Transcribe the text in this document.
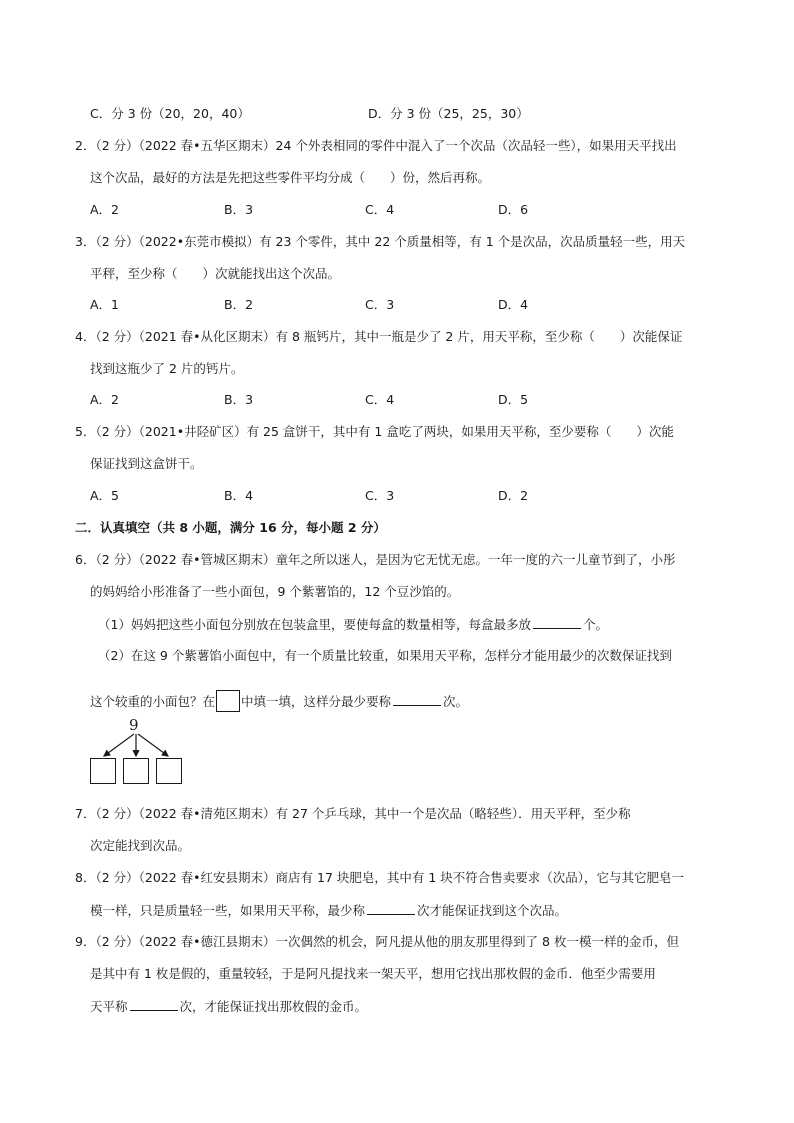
C．分 3 份（20，20，40）	D．分 3 份（25，25，30）
2．（2 分）（2022 春•五华区期末）24 个外表相同的零件中混入了一个次品（次品轻一些），如果用天平找出
这个次品，最好的方法是先把这些零件平均分成（　　）份，然后再称。
A．2	B．3	C．4	D．6
3．（2 分）（2022•东莞市模拟）有 23 个零件，其中 22 个质量相等，有 1 个是次品，次品质量轻一些，用天
平秤，至少称（　　）次就能找出这个次品。
A．1	B．2	C．3	D．4
4．（2 分）（2021 春•从化区期末）有 8 瓶钙片，其中一瓶是少了 2 片，用天平称，至少称（　　）次能保证
找到这瓶少了 2 片的钙片。
A．2	B．3	C．4	D．5
5．（2 分）（2021•井陉矿区）有 25 盒饼干，其中有 1 盒吃了两块，如果用天平称，至少要称（　　）次能
保证找到这盒饼干。
A．5	B．4	C．3	D．2
二．认真填空（共 8 小题，满分 16 分，每小题 2 分）
6．（2 分）（2022 春•管城区期末）童年之所以迷人，是因为它无忧无虑。一年一度的六一儿童节到了，小彤
的妈妈给小彤准备了一些小面包，9 个紫薯馅的，12 个豆沙馅的。
（1）妈妈把这些小面包分别放在包装盒里，要使每盒的数量相等，每盒最多放	个。
（2）在这 9 个紫薯馅小面包中，有一个质量比较重，如果用天平称，怎样分才能用最少的次数保证找到
这个较重的小面包？在 中填一填，这样分最少要称	次。
9
7．（2 分）（2022 春•清苑区期末）有 27 个乒乓球，其中一个是次品（略轻些）．用天平秤，至少称
次定能找到次品。
8．（2 分）（2022 春•红安县期末）商店有 17 块肥皂，其中有 1 块不符合售卖要求（次品），它与其它肥皂一
模一样，只是质量轻一些，如果用天平称，最少称	次才能保证找到这个次品。
9．（2 分）（2022 春•德江县期末）一次偶然的机会，阿凡提从他的朋友那里得到了 8 枚一模一样的金币，但
是其中有 1 枚是假的，重量较轻，于是阿凡提找来一架天平，想用它找出那枚假的金币．他至少需要用
天平称	次，才能保证找出那枚假的金币。
